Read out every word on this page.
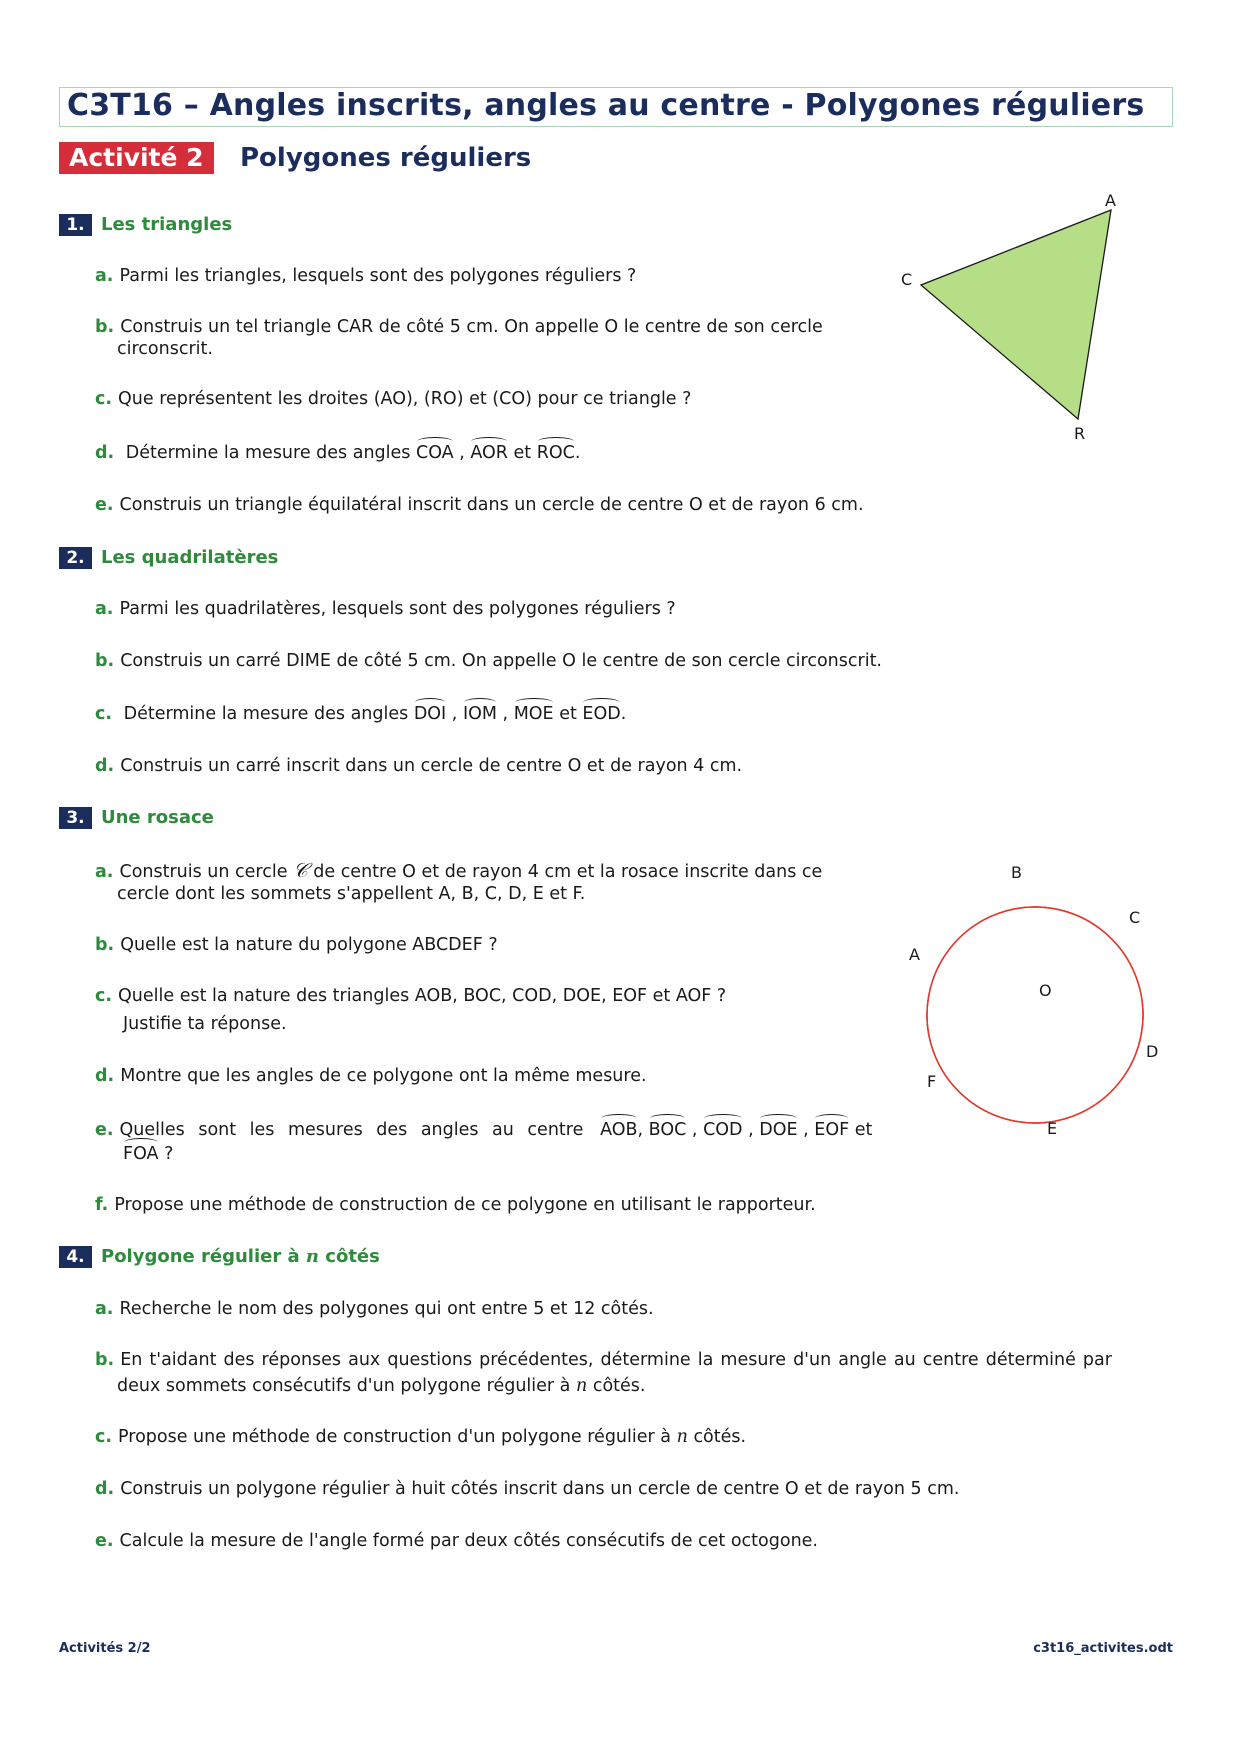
C3T16 – Angles inscrits, angles au centre - Polygones réguliers
Activité 2	Polygones réguliers
1. Les triangles
a. Parmi les triangles, lesquels sont des polygones réguliers ?
b. Construis un tel triangle CAR de côté 5 cm. On appelle O le centre de son cercle
circonscrit.
c. Que représentent les droites (AO), (RO) et (CO) pour ce triangle ?
d. Détermine la mesure des angles COA , AOR et ROC.
e. Construis un triangle équilatéral inscrit dans un cercle de centre O et de rayon 6 cm.
A
C
R
2. Les quadrilatères
a. Parmi les quadrilatères, lesquels sont des polygones réguliers ?
b. Construis un carré DIME de côté 5 cm. On appelle O le centre de son cercle circonscrit.
c. Détermine la mesure des angles DOI , IOM , MOE et EOD.
d. Construis un carré inscrit dans un cercle de centre O et de rayon 4 cm.
3. Une rosace
a. Construis un cercle 𝒞 de centre O et de rayon 4 cm et la rosace inscrite dans ce
cercle dont les sommets s'appellent A, B, C, D, E et F.
b. Quelle est la nature du polygone ABCDEF ?
c. Quelle est la nature des triangles AOB, BOC, COD, DOE, EOF et AOF ?
Justifie ta réponse.
d. Montre que les angles de ce polygone ont la même mesure.
e. Quelles sont les mesures des angles au centre AOB, BOC , COD , DOE , EOF et
FOA ?
f. Propose une méthode de construction de ce polygone en utilisant le rapporteur.
B
C
A
O
D
F
E
4. Polygone régulier à n côtés
a. Recherche le nom des polygones qui ont entre 5 et 12 côtés.
b. En t'aidant des réponses aux questions précédentes, détermine la mesure d'un angle au centre déterminé par
deux sommets consécutifs d'un polygone régulier à n côtés.
c. Propose une méthode de construction d'un polygone régulier à n côtés.
d. Construis un polygone régulier à huit côtés inscrit dans un cercle de centre O et de rayon 5 cm.
e. Calcule la mesure de l'angle formé par deux côtés consécutifs de cet octogone.
Activités 2/2	c3t16_activites.odt
